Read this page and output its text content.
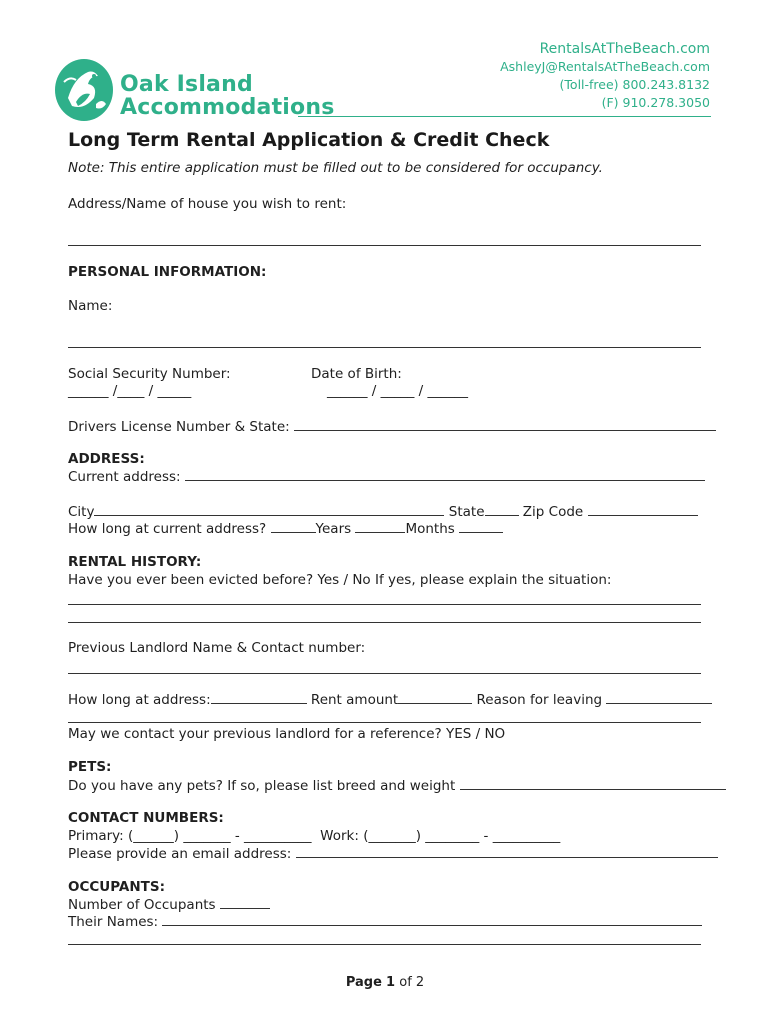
Oak Island
Accommodations
RentalsAtTheBeach.com
AshleyJ@RentalsAtTheBeach.com
(Toll-free) 800.243.8132
(F) 910.278.3050
Long Term Rental Application & Credit Check
Note: This entire application must be filled out to be considered for occupancy.
Address/Name of house you wish to rent:
PERSONAL INFORMATION:
Name:
Social Security Number:
______ /____ / _____
Date of Birth:
______ / _____ / ______
Drivers License Number & State:
ADDRESS:
Current address:
City	State	Zip Code
How long at current address?	Years	Months
RENTAL HISTORY:
Have you ever been evicted before? Yes / No If yes, please explain the situation:
Previous Landlord Name & Contact number:
How long at address:	Rent amount	Reason for leaving
May we contact your previous landlord for a reference? YES / NO
PETS:
Do you have any pets? If so, please list breed and weight
CONTACT NUMBERS:
Primary: (______) _______ - __________ Work: (_______) ________ - __________
Please provide an email address:
OCCUPANTS:
Number of Occupants
Their Names:
Page 1 of 2
